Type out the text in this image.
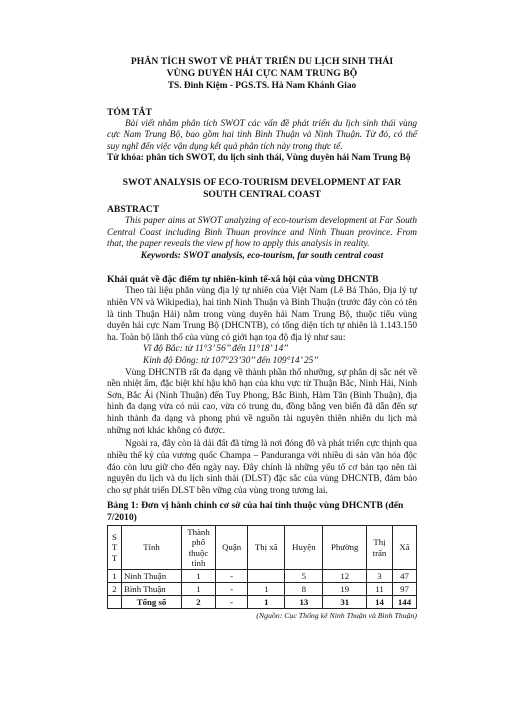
PHÂN TÍCH SWOT VỀ PHÁT TRIỂN DU LỊCH SINH THÁI
VÙNG DUYÊN HẢI CỰC NAM TRUNG BỘ
TS. Đinh Kiệm - PGS.TS. Hà Nam Khánh Giao
TÓM TẮT

Bài viết nhằm phân tích SWOT các vấn đề phát triển du lịch sinh thái vùng cực Nam Trung Bộ, bao gồm hai tỉnh Bình Thuận và Ninh Thuận. Từ đó, có thể suy nghĩ đến việc vận dụng kết quả phân tích này trong thực tế.

Từ khóa: phân tích SWOT, du lịch sinh thái, Vùng duyên hải Nam Trung Bộ

SWOT ANALYSIS OF ECO-TOURISM DEVELOPMENT AT FAR SOUTH CENTRAL COAST
ABSTRACT

This paper aims at SWOT analyzing of eco-tourism development at Far South Central Coast including Binh Thuan province and Ninh Thuan province. From that, the paper reveals the view pf how to apply this analysis in reality.

Keywords: SWOT analysis, eco-tourism, far south central coast

Khái quát về đặc điểm tự nhiên-kinh tế-xã hội của vùng DHCNTB

Theo tài liệu phân vùng địa lý tự nhiên của Việt Nam (Lê Bá Thảo, Địa lý tự nhiên VN và Wikipedia), hai tỉnh Ninh Thuận và Bình Thuận (trước đây còn có tên là tỉnh Thuận Hải) nằm trong vùng duyên hải Nam Trung Bộ, thuộc tiểu vùng duyên hải cực Nam Trung Bộ (DHCNTB), có tổng diện tích tự nhiên là 1.143.150 ha. Toàn bộ lãnh thổ của vùng có giới hạn tọa độ địa lý như sau:

Vĩ độ Bắc: từ 11°3’ 56’’ đến 11°18’ 14’’

Kinh độ Đông: từ 107°23’30’’ đến 109°14’ 25’’

Vùng DHCNTB rất đa dạng về thành phần thổ nhưỡng, sự phân dị sắc nét về nền nhiệt ẩm, đặc biệt khí hậu khô hạn của khu vực từ Thuận Bắc, Ninh Hải, Ninh Sơn, Bắc Ái (Ninh Thuận) đến Tuy Phong, Bắc Bình, Hàm Tân (Bình Thuận), địa hình đa dạng vừa có núi cao, vừa có trung du, đồng bằng ven biển đã dẫn đến sự hình thành đa dạng và phong phú về nguồn tài nguyên thiên nhiên du lịch mà những nơi khác không có được.

Ngoài ra, đây còn là dải đất đã từng là nơi đóng đô và phát triển cực thịnh qua nhiều thế kỷ của vương quốc Champa – Panduranga với nhiều di sản văn hóa độc đáo còn lưu giữ cho đến ngày nay. Đây chính là những yếu tố cơ bản tạo nên tài nguyên du lịch và du lịch sinh thái (DLST) đặc sắc của vùng DHCNTB, đảm bảo cho sự phát triển DLST bền vững của vùng trong tương lai.

Bảng 1: Đơn vị hành chính cơ sở của hai tỉnh thuộc vùng DHCNTB (đến 7/2010)
S T T	Tỉnh	Thành phố thuộc tỉnh	Quận	Thị xã	Huyện	Phường	Thị trấn	Xã
1	Ninh Thuận	1	-		5	12	3	47
2	Bình Thuận	1	-	1	8	19	11	97
	Tổng số	2	-	1	13	31	14	144
(Nguồn: Cục Thống kê Ninh Thuận và Bình Thuận)
